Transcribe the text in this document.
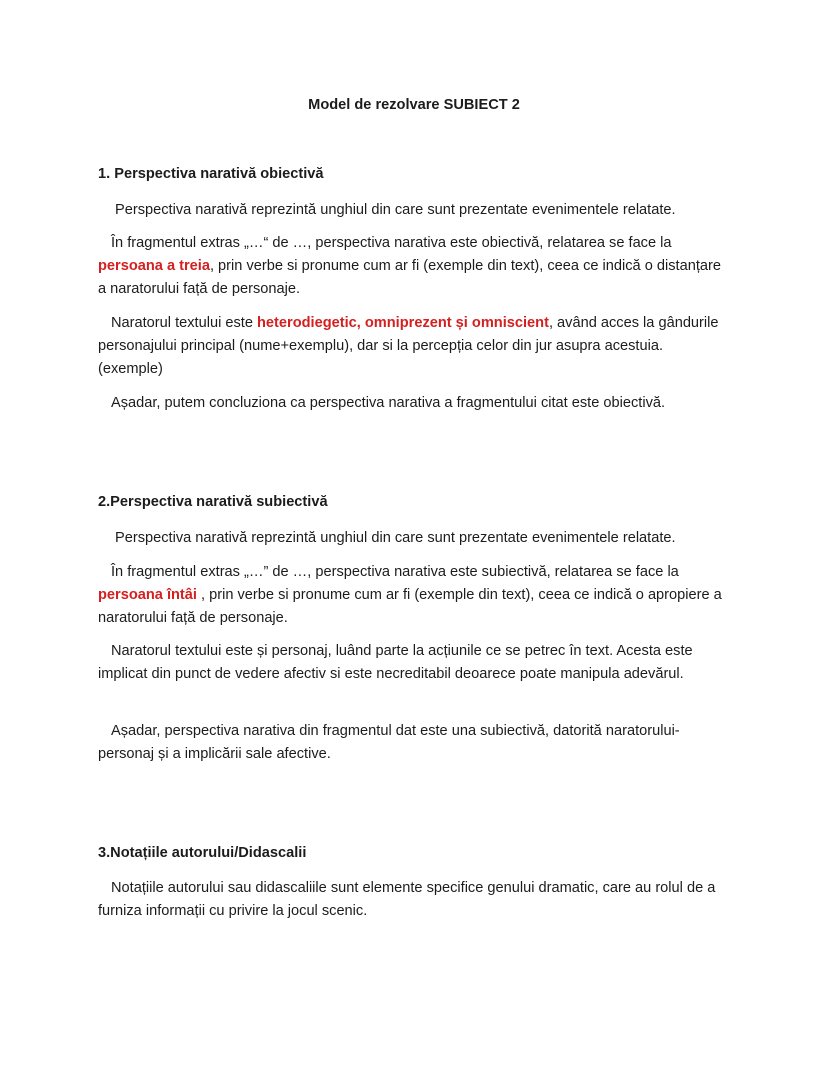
Model de rezolvare SUBIECT 2
1. Perspectiva narativă obiectivă

Perspectiva narativă reprezintă unghiul din care sunt prezentate evenimentele relatate.

În fragmentul extras „…“ de …, perspectiva narativa este obiectivă, relatarea se face la persoana a treia, prin verbe si pronume cum ar fi (exemple din text), ceea ce indică o distanțare a naratorului față de personaje.

Naratorul textului este heterodiegetic, omniprezent și omniscient, având acces la gândurile personajului principal (nume+exemplu), dar si la percepția celor din jur asupra acestuia. (exemple)

Așadar, putem concluziona ca perspectiva narativa a fragmentului citat este obiectivă.

2.Perspectiva narativă subiectivă

Perspectiva narativă reprezintă unghiul din care sunt prezentate evenimentele relatate.

În fragmentul extras „…” de …, perspectiva narativa este subiectivă, relatarea se face la persoana întâi , prin verbe si pronume cum ar fi (exemple din text), ceea ce indică o apropiere a naratorului față de personaje.

Naratorul textului este și personaj, luând parte la acțiunile ce se petrec în text. Acesta este implicat din punct de vedere afectiv si este necreditabil deoarece poate manipula adevărul.

Așadar, perspectiva narativa din fragmentul dat este una subiectivă, datorită naratorului-personaj și a implicării sale afective.

3.Notațiile autorului/Didascalii

Notațiile autorului sau didascaliile sunt elemente specifice genului dramatic, care au rolul de a furniza informații cu privire la jocul scenic.
